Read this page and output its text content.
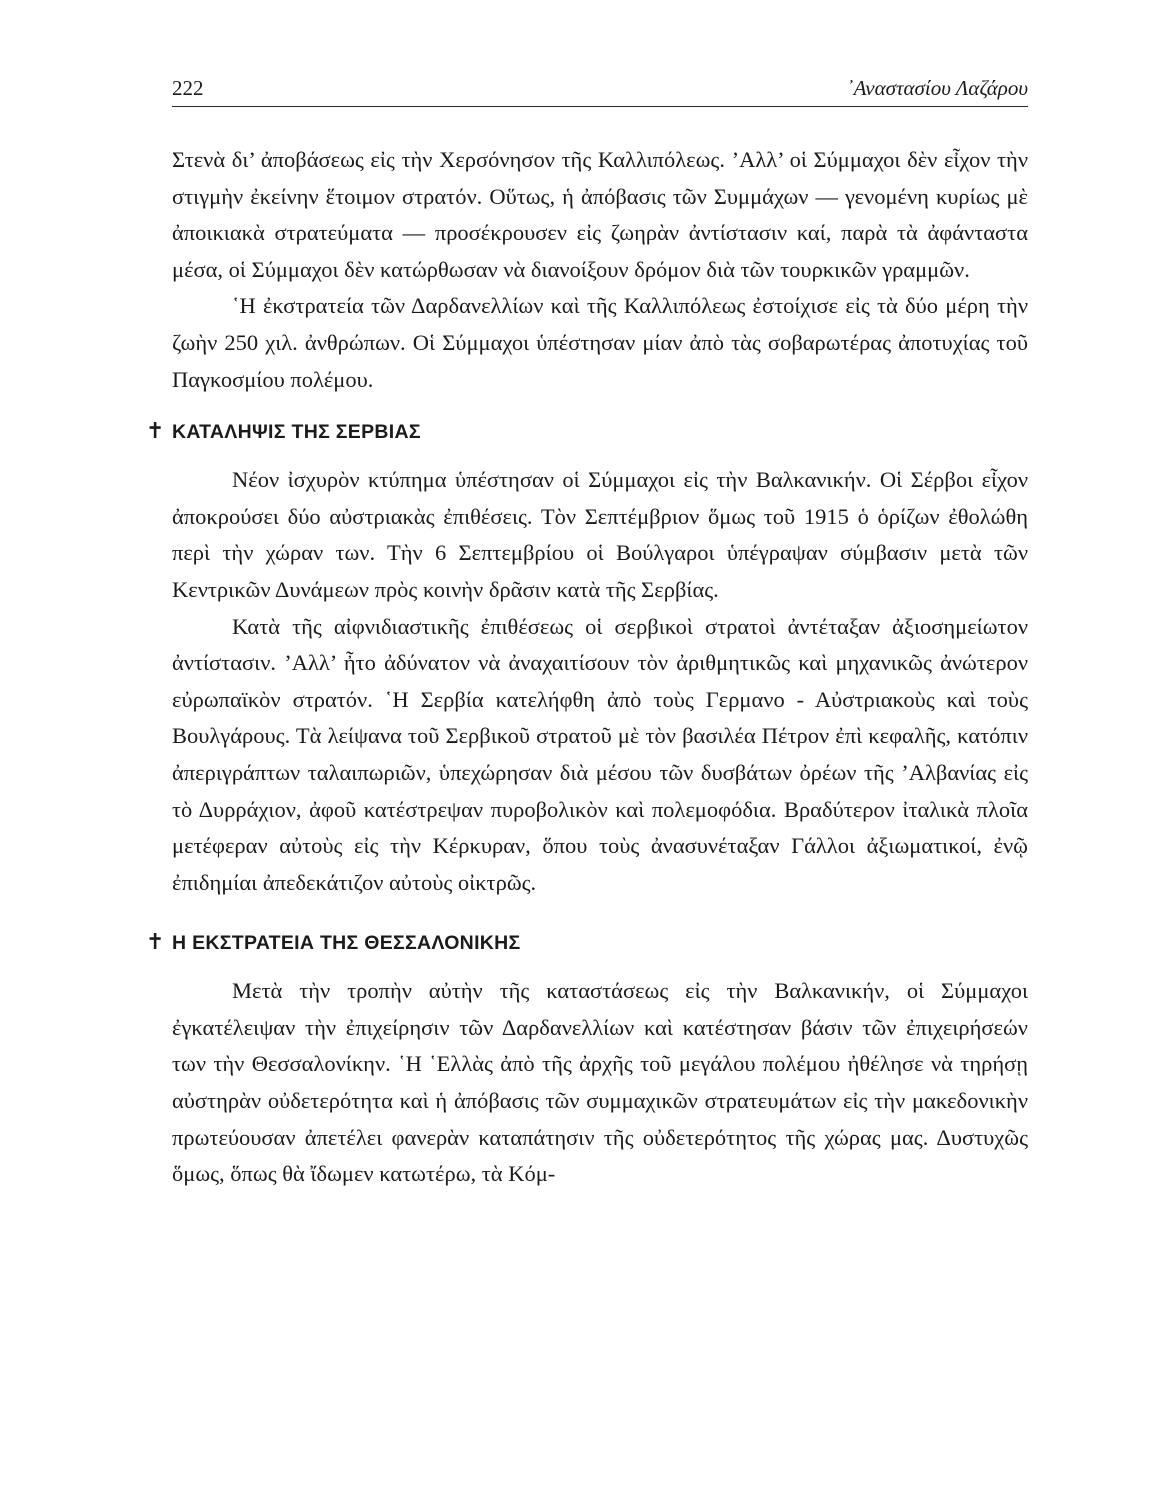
222	᾿Αναστασίου Λαζάρου

Στενὰ δι’ ἀποβάσεως εἰς τὴν Χερσόνησον τῆς Καλλιπόλεως. ’Αλλ’ οἱ Σύμμαχοι δὲν εἶχον τὴν στιγμὴν ἐκείνην ἕτοιμον στρατόν. Οὕτως, ἡ ἀπόβασις τῶν Συμμάχων — γενομένη κυρίως μὲ ἀποικιακὰ στρατεύματα — προσέκρουσεν εἰς ζωηρὰν ἀντίστασιν καί, παρὰ τὰ ἀφάνταστα μέσα, οἱ Σύμμαχοι δὲν κατώρθωσαν νὰ διανοίξουν δρόμον διὰ τῶν τουρκικῶν γραμμῶν.

῾Η ἐκστρατεία τῶν Δαρδανελλίων καὶ τῆς Καλλιπόλεως ἐστοίχισε εἰς τὰ δύο μέρη τὴν ζωὴν 250 χιλ. ἀνθρώπων. Οἱ Σύμμαχοι ὑπέστησαν μίαν ἀπὸ τὰς σοβαρωτέρας ἀποτυχίας τοῦ Παγκοσμίου πολέμου.

✝ ΚΑΤΑΛΗΨΙΣ ΤΗΣ ΣΕΡΒΙΑΣ

Νέον ἰσχυρὸν κτύπημα ὑπέστησαν οἱ Σύμμαχοι εἰς τὴν Βαλκανικήν. Οἱ Σέρβοι εἶχον ἀποκρούσει δύο αὐστριακὰς ἐπιθέσεις. Τὸν Σεπτέμβριον ὅμως τοῦ 1915 ὁ ὁρίζων ἐθολώθη περὶ τὴν χώραν των. Τὴν 6 Σεπτεμβρίου οἱ Βούλγαροι ὑπέγραψαν σύμβασιν μετὰ τῶν Κεντρικῶν Δυνάμεων πρὸς κοινὴν δρᾶσιν κατὰ τῆς Σερβίας.

Κατὰ τῆς αἰφνιδιαστικῆς ἐπιθέσεως οἱ σερβικοὶ στρατοὶ ἀντέταξαν ἀξιοσημείωτον ἀντίστασιν. ’Αλλ’ ἦτο ἀδύνατον νὰ ἀναχαιτίσουν τὸν ἀριθμητικῶς καὶ μηχανικῶς ἀνώτερον εὐρωπαϊκὸν στρατόν. ῾Η Σερβία κατελήφθη ἀπὸ τοὺς Γερμανο - Αὐστριακοὺς καὶ τοὺς Βουλγάρους. Τὰ λείψανα τοῦ Σερβικοῦ στρατοῦ μὲ τὸν βασιλέα Πέτρον ἐπὶ κεφαλῆς, κατόπιν ἀπεριγράπτων ταλαιπωριῶν, ὑπεχώρησαν διὰ μέσου τῶν δυσβάτων ὀρέων τῆς ’Αλβανίας εἰς τὸ Δυρράχιον, ἀφοῦ κατέστρεψαν πυροβολικὸν καὶ πολεμοφόδια. Βραδύτερον ἰταλικὰ πλοῖα μετέφεραν αὐτοὺς εἰς τὴν Κέρκυραν, ὅπου τοὺς ἀνασυνέταξαν Γάλλοι ἀξιωματικοί, ἐνῷ ἐπιδημίαι ἀπεδεκάτιζον αὐτοὺς οἰκτρῶς.

✝ Η ΕΚΣΤΡΑΤΕΙΑ ΤΗΣ ΘΕΣΣΑΛΟΝΙΚΗΣ

Μετὰ τὴν τροπὴν αὐτὴν τῆς καταστάσεως εἰς τὴν Βαλκανικήν, οἱ Σύμμαχοι ἐγκατέλειψαν τὴν ἐπιχείρησιν τῶν Δαρδανελλίων καὶ κατέστησαν βάσιν τῶν ἐπιχειρήσεών των τὴν Θεσσαλονίκην. ῾Η ῾Ελλὰς ἀπὸ τῆς ἀρχῆς τοῦ μεγάλου πολέμου ἠθέλησε νὰ τηρήσῃ αὐστηρὰν οὐδετερότητα καὶ ἡ ἀπόβασις τῶν συμμαχικῶν στρατευμάτων εἰς τὴν μακεδονικὴν πρωτεύουσαν ἀπετέλει φανερὰν καταπάτησιν τῆς οὐδετερότητος τῆς χώρας μας. Δυστυχῶς ὅμως, ὅπως θὰ ἴδωμεν κατωτέρω, τὰ Κόμ-
